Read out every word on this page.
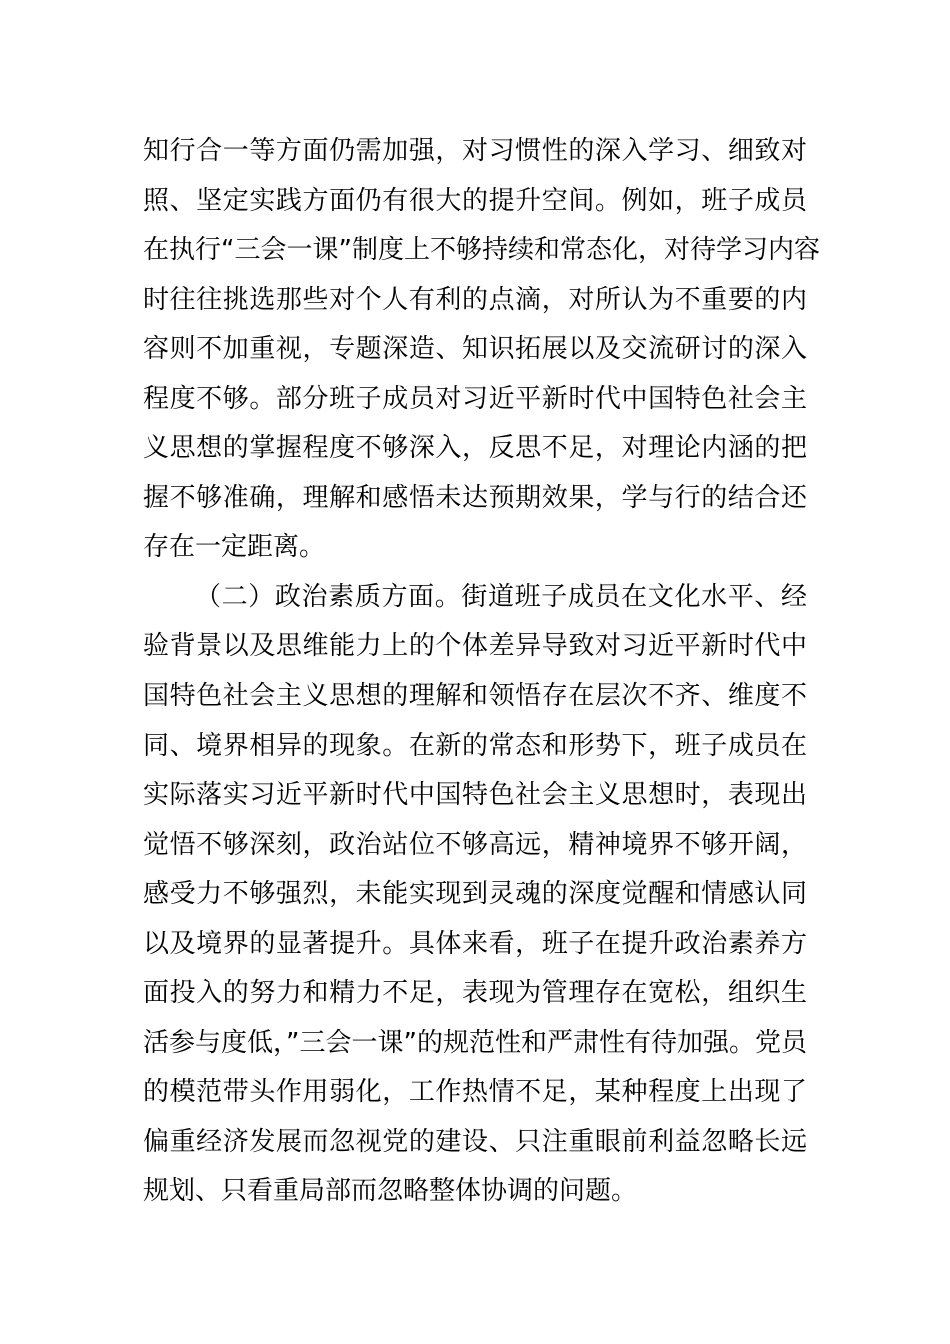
知行合一等方面仍需加强，对习惯性的深入学习、细致对
照、坚定实践方面仍有很大的提升空间。例如，班子成员
在执行“三会一课”制度上不够持续和常态化，对待学习内容
时往往挑选那些对个人有利的点滴，对所认为不重要的内
容则不加重视，专题深造、知识拓展以及交流研讨的深入
程度不够。部分班子成员对习近平新时代中国特色社会主
义思想的掌握程度不够深入，反思不足，对理论内涵的把
握不够准确，理解和感悟未达预期效果，学与行的结合还
存在一定距离。
（二）政治素质方面。街道班子成员在文化水平、经
验背景以及思维能力上的个体差异导致对习近平新时代中
国特色社会主义思想的理解和领悟存在层次不齐、维度不
同、境界相异的现象。在新的常态和形势下，班子成员在
实际落实习近平新时代中国特色社会主义思想时，表现出
觉悟不够深刻，政治站位不够高远，精神境界不够开阔，
感受力不够强烈，未能实现到灵魂的深度觉醒和情感认同
以及境界的显著提升。具体来看，班子在提升政治素养方
面投入的努力和精力不足，表现为管理存在宽松，组织生
活参与度低，”三会一课”的规范性和严肃性有待加强。党员
的模范带头作用弱化，工作热情不足，某种程度上出现了
偏重经济发展而忽视党的建设、只注重眼前利益忽略长远
规划、只看重局部而忽略整体协调的问题。
